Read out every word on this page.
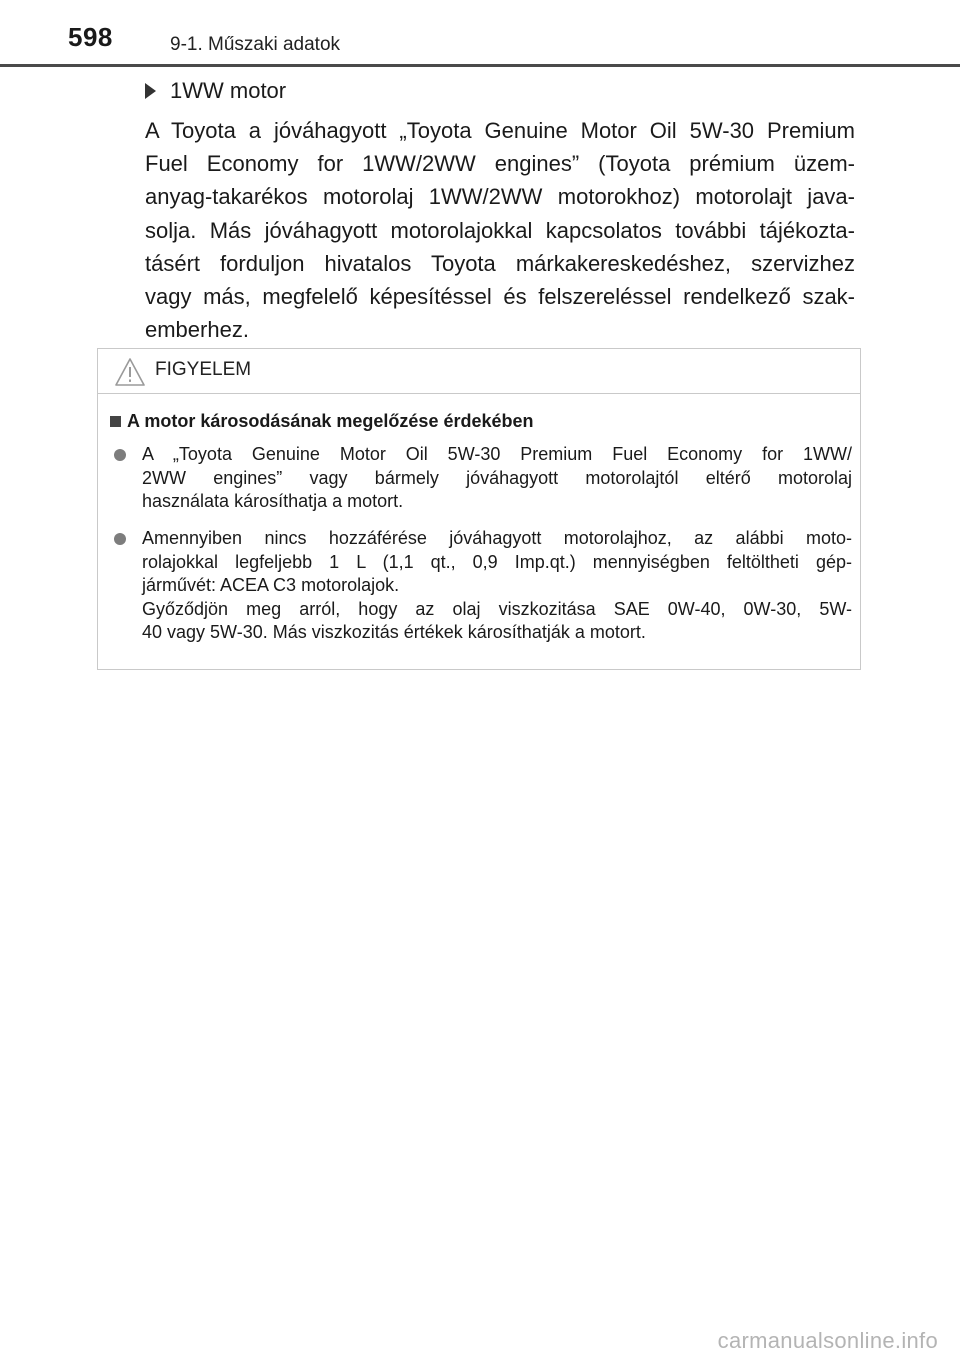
598	9-1. Műszaki adatok
1WW motor

A Toyota a jóváhagyott „Toyota Genuine Motor Oil 5W-30 Premium
Fuel Economy for 1WW/2WW engines” (Toyota prémium üzem-
anyag-takarékos motorolaj 1WW/2WW motorokhoz) motorolajt java-
solja. Más jóváhagyott motorolajokkal kapcsolatos további tájékozta-
tásért forduljon hivatalos Toyota márkakereskedéshez, szervizhez
vagy más, megfelelő képesítéssel és felszereléssel rendelkező szak-
emberhez.

FIGYELEM
A motor károsodásának megelőzése érdekében
A „Toyota Genuine Motor Oil 5W-30 Premium Fuel Economy for 1WW/
2WW engines” vagy bármely jóváhagyott motorolajtól eltérő motorolaj
használata károsíthatja a motort.
Amennyiben nincs hozzáférése jóváhagyott motorolajhoz, az alábbi moto-
rolajokkal legfeljebb 1 L (1,1 qt., 0,9 Imp.qt.) mennyiségben feltöltheti gép-
járművét: ACEA C3 motorolajok.
Győződjön meg arról, hogy az olaj viszkozitása SAE 0W-40, 0W-30, 5W-
40 vagy 5W-30. Más viszkozitás értékek károsíthatják a motort.
carmanualsonline.info
